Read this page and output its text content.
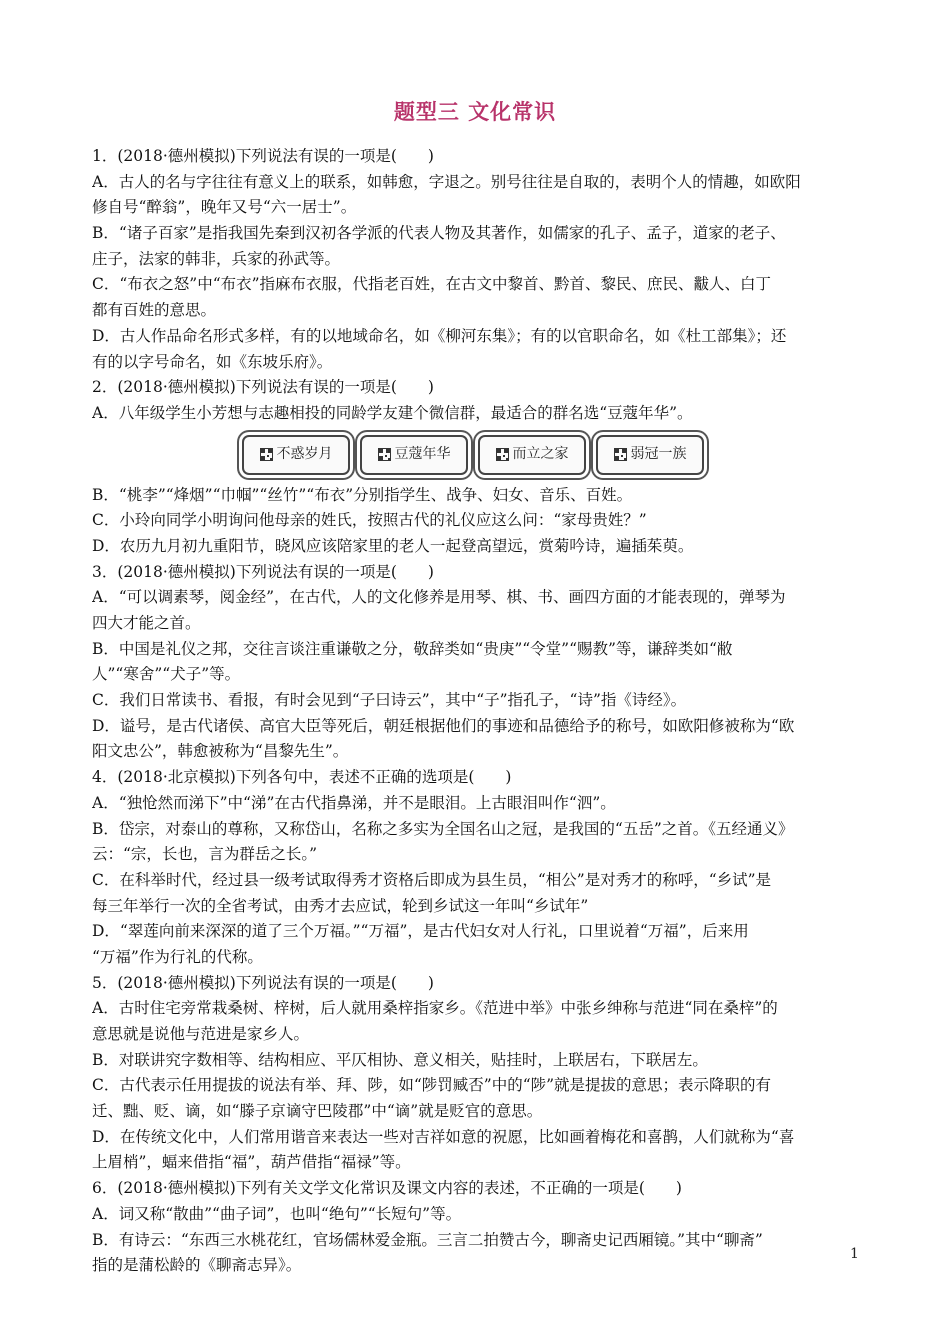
题型三 文化常识
1．(2018·德州模拟)下列说法有误的一项是(　　)
A．古人的名与字往往有意义上的联系，如韩愈，字退之。别号往往是自取的，表明个人的情趣，如欧阳
修自号“醉翁”，晚年又号“六一居士”。
B．“诸子百家”是指我国先秦到汉初各学派的代表人物及其著作，如儒家的孔子、孟子，道家的老子、
庄子，法家的韩非，兵家的孙武等。
C．“布衣之怒”中“布衣”指麻布衣服，代指老百姓，在古文中黎首、黔首、黎民、庶民、黻人、白丁
都有百姓的意思。
D．古人作品命名形式多样，有的以地域命名，如《柳河东集》；有的以官职命名，如《杜工部集》；还
有的以字号命名，如《东坡乐府》。
2．(2018·德州模拟)下列说法有误的一项是(　　)
A．八年级学生小芳想与志趣相投的同龄学友建个微信群，最适合的群名选“豆蔻年华”。
不惑岁月	豆蔻年华	而立之家	弱冠一族
B．“桃李”“烽烟”“巾帼”“丝竹”“布衣”分别指学生、战争、妇女、音乐、百姓。
C．小玲向同学小明询问他母亲的姓氏，按照古代的礼仪应这么问：“家母贵姓？”
D．农历九月初九重阳节，晓风应该陪家里的老人一起登高望远，赏菊吟诗，遍插茱萸。
3．(2018·德州模拟)下列说法有误的一项是(　　)
A．“可以调素琴，阅金经”，在古代，人的文化修养是用琴、棋、书、画四方面的才能表现的，弹琴为
四大才能之首。
B．中国是礼仪之邦，交往言谈注重谦敬之分，敬辞类如“贵庚”“令堂”“赐教”等，谦辞类如“敝
人”“寒舍”“犬子”等。
C．我们日常读书、看报，有时会见到“子曰诗云”，其中“子”指孔子，“诗”指《诗经》。
D．谥号，是古代诸侯、高官大臣等死后，朝廷根据他们的事迹和品德给予的称号，如欧阳修被称为“欧
阳文忠公”，韩愈被称为“昌黎先生”。
4．(2018·北京模拟)下列各句中，表述不正确的选项是(　　)
A．“独怆然而涕下”中“涕”在古代指鼻涕，并不是眼泪。上古眼泪叫作“泗”。
B．岱宗，对泰山的尊称，又称岱山，名称之多实为全国名山之冠，是我国的“五岳”之首。《五经通义》
云：“宗，长也，言为群岳之长。”
C．在科举时代，经过县一级考试取得秀才资格后即成为县生员，“相公”是对秀才的称呼，“乡试”是
每三年举行一次的全省考试，由秀才去应试，轮到乡试这一年叫“乡试年”
D．“翠莲向前来深深的道了三个万福。”“万福”，是古代妇女对人行礼，口里说着“万福”，后来用
“万福”作为行礼的代称。
5．(2018·德州模拟)下列说法有误的一项是(　　)
A．古时住宅旁常栽桑树、梓树，后人就用桑梓指家乡。《范进中举》中张乡绅称与范进“同在桑梓”的
意思就是说他与范进是家乡人。
B．对联讲究字数相等、结构相应、平仄相协、意义相关，贴挂时，上联居右，下联居左。
C．古代表示任用提拔的说法有举、拜、陟，如“陟罚臧否”中的“陟”就是提拔的意思；表示降职的有
迁、黜、贬、谪，如“滕子京谪守巴陵郡”中“谪”就是贬官的意思。
D．在传统文化中，人们常用谐音来表达一些对吉祥如意的祝愿，比如画着梅花和喜鹊，人们就称为“喜
上眉梢”，蝠来借指“福”，葫芦借指“福禄”等。
6．(2018·德州模拟)下列有关文学文化常识及课文内容的表述，不正确的一项是(　　)
A．词又称“散曲”“曲子词”，也叫“绝句”“长短句”等。
B．有诗云：“东西三水桃花红，官场儒林爱金瓶。三言二拍赞古今，聊斋史记西厢镜。”其中“聊斋”
指的是蒲松龄的《聊斋志异》。
1
